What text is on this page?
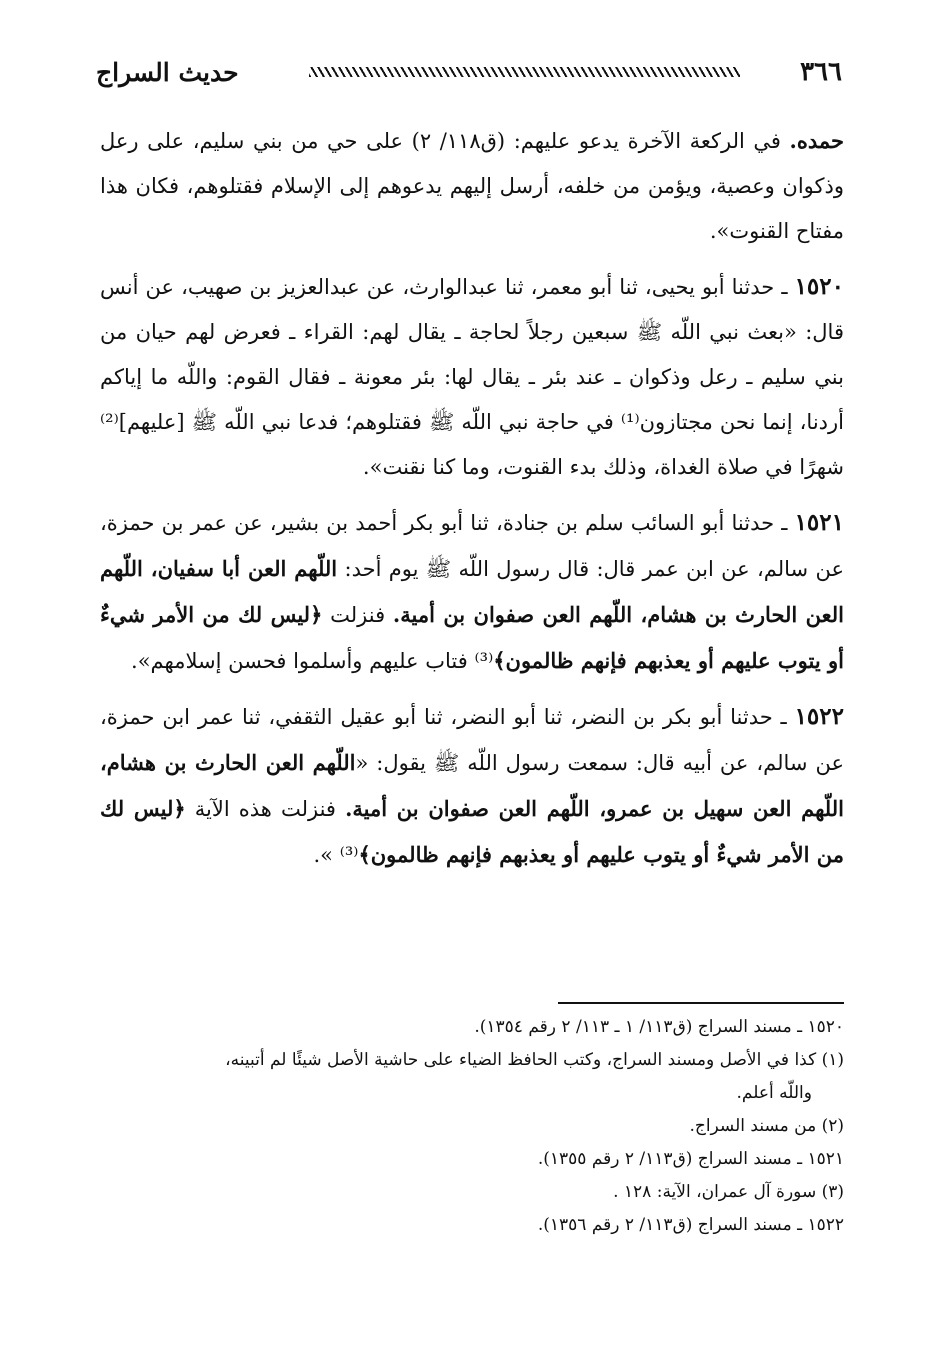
٣٦٦
حديث السراج

حمده. في الركعة الآخرة يدعو عليهم: (ق١١٨/ ٢) على حي من بني سليم، على رعل وذكوان وعصية، ويؤمن من خلفه، أرسل إليهم يدعوهم إلى الإسلام فقتلوهم، فكان هذا مفتاح القنوت».

١٥٢٠ ـ حدثنا أبو يحيى، ثنا أبو معمر، ثنا عبدالوارث، عن عبدالعزيز بن صهيب، عن أنس قال: «بعث نبي اللّه ﷺ سبعين رجلاً لحاجة ـ يقال لهم: القراء ـ فعرض لهم حيان من بني سليم ـ رعل وذكوان ـ عند بئر ـ يقال لها: بئر معونة ـ فقال القوم: واللّه ما إياكم أردنا، إنما نحن مجتازون⁽¹⁾ في حاجة نبي اللّه ﷺ فقتلوهم؛ فدعا نبي اللّه ﷺ [عليهم]⁽²⁾ شهرًا في صلاة الغداة، وذلك بدء القنوت، وما كنا نقنت».

١٥٢١ ـ حدثنا أبو السائب سلم بن جنادة، ثنا أبو بكر أحمد بن بشير، عن عمر بن حمزة، عن سالم، عن ابن عمر قال: قال رسول اللّه ﷺ يوم أحد: اللّهم العن أبا سفيان، اللّهم العن الحارث بن هشام، اللّهم العن صفوان بن أمية. فنزلت ﴿ليس لك من الأمر شيءٌ أو يتوب عليهم أو يعذبهم فإنهم ظالمون﴾⁽³⁾ فتاب عليهم وأسلموا فحسن إسلامهم».

١٥٢٢ ـ حدثنا أبو بكر بن النضر، ثنا أبو النضر، ثنا أبو عقيل الثقفي، ثنا عمر ابن حمزة، عن سالم، عن أبيه قال: سمعت رسول اللّه ﷺ يقول: «اللّهم العن الحارث بن هشام، اللّهم العن سهيل بن عمرو، اللّهم العن صفوان بن أمية. فنزلت هذه الآية ﴿ليس لك من الأمر شيءٌ أو يتوب عليهم أو يعذبهم فإنهم ظالمون﴾⁽³⁾ ».

١٥٢٠ ـ مسند السراج (ق١١٣/ ١ ـ ١١٣/ ٢ رقم ١٣٥٤).

(١) كذا في الأصل ومسند السراج، وكتب الحافظ الضياء على حاشية الأصل شيئًا لم أتبينه،

واللّه أعلم.

(٢) من مسند السراج.

١٥٢١ ـ مسند السراج (ق١١٣/ ٢ رقم ١٣٥٥).

(٣) سورة آل عمران، الآية: ١٢٨ .

١٥٢٢ ـ مسند السراج (ق١١٣/ ٢ رقم ١٣٥٦).
